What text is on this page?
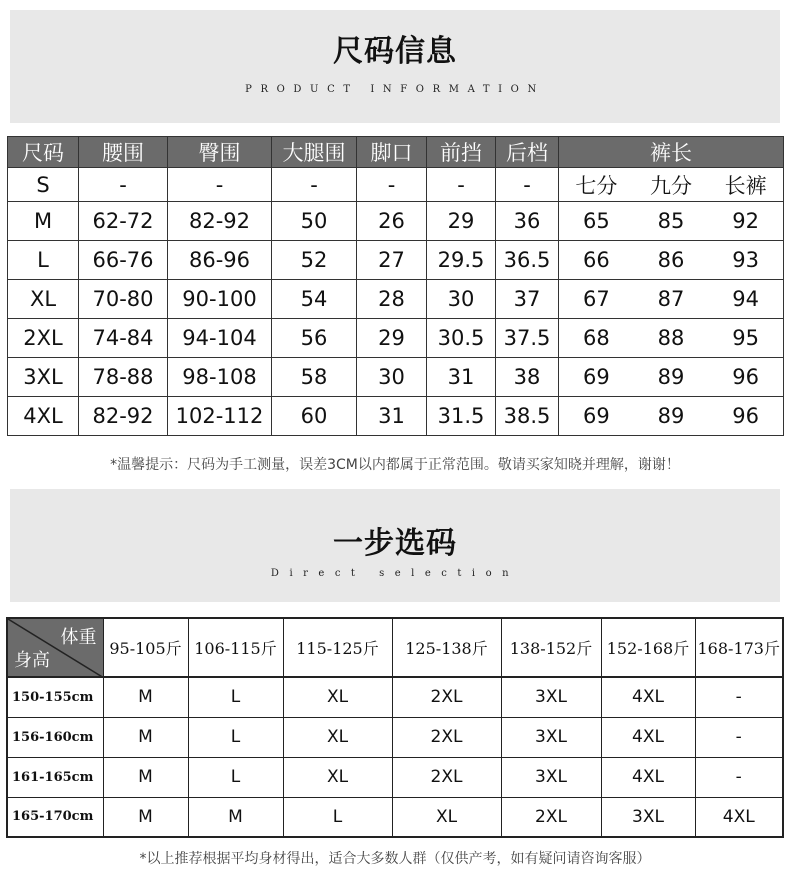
尺码信息
PRODUCT INFORMATION
尺码	腰围	臀围	大腿围	脚口	前挡	后档	裤长
S	-	-	-	-	-	-	七分 九分 长裤

M	62-72	82-92	50	26	29	36	65 85 92

L	66-76	86-96	52	27	29.5	36.5	66 86 93

XL	70-80	90-100	54	28	30	37	67 87 94

2XL	74-84	94-104	56	29	30.5	37.5	68 88 95

3XL	78-88	98-108	58	30	31	38	69 89 96

4XL	82-92	102-112	60	31	31.5	38.5	69 89 96
*温馨提示：尺码为手工测量，误差3CM以内都属于正常范围。敬请买家知晓并理解，谢谢！
一步选码
Direct selection
体重
身高	95-105斤	106-115斤	115-125斤	125-138斤	138-152斤	152-168斤	168-173斤
150-155cm	M	L	XL	2XL	3XL	4XL	-
156-160cm	M	L	XL	2XL	3XL	4XL	-
161-165cm	M	L	XL	2XL	3XL	4XL	-
165-170cm	M	M	L	XL	2XL	3XL	4XL
*以上推荐根据平均身材得出，适合大多数人群（仅供产考，如有疑问请咨询客服）
